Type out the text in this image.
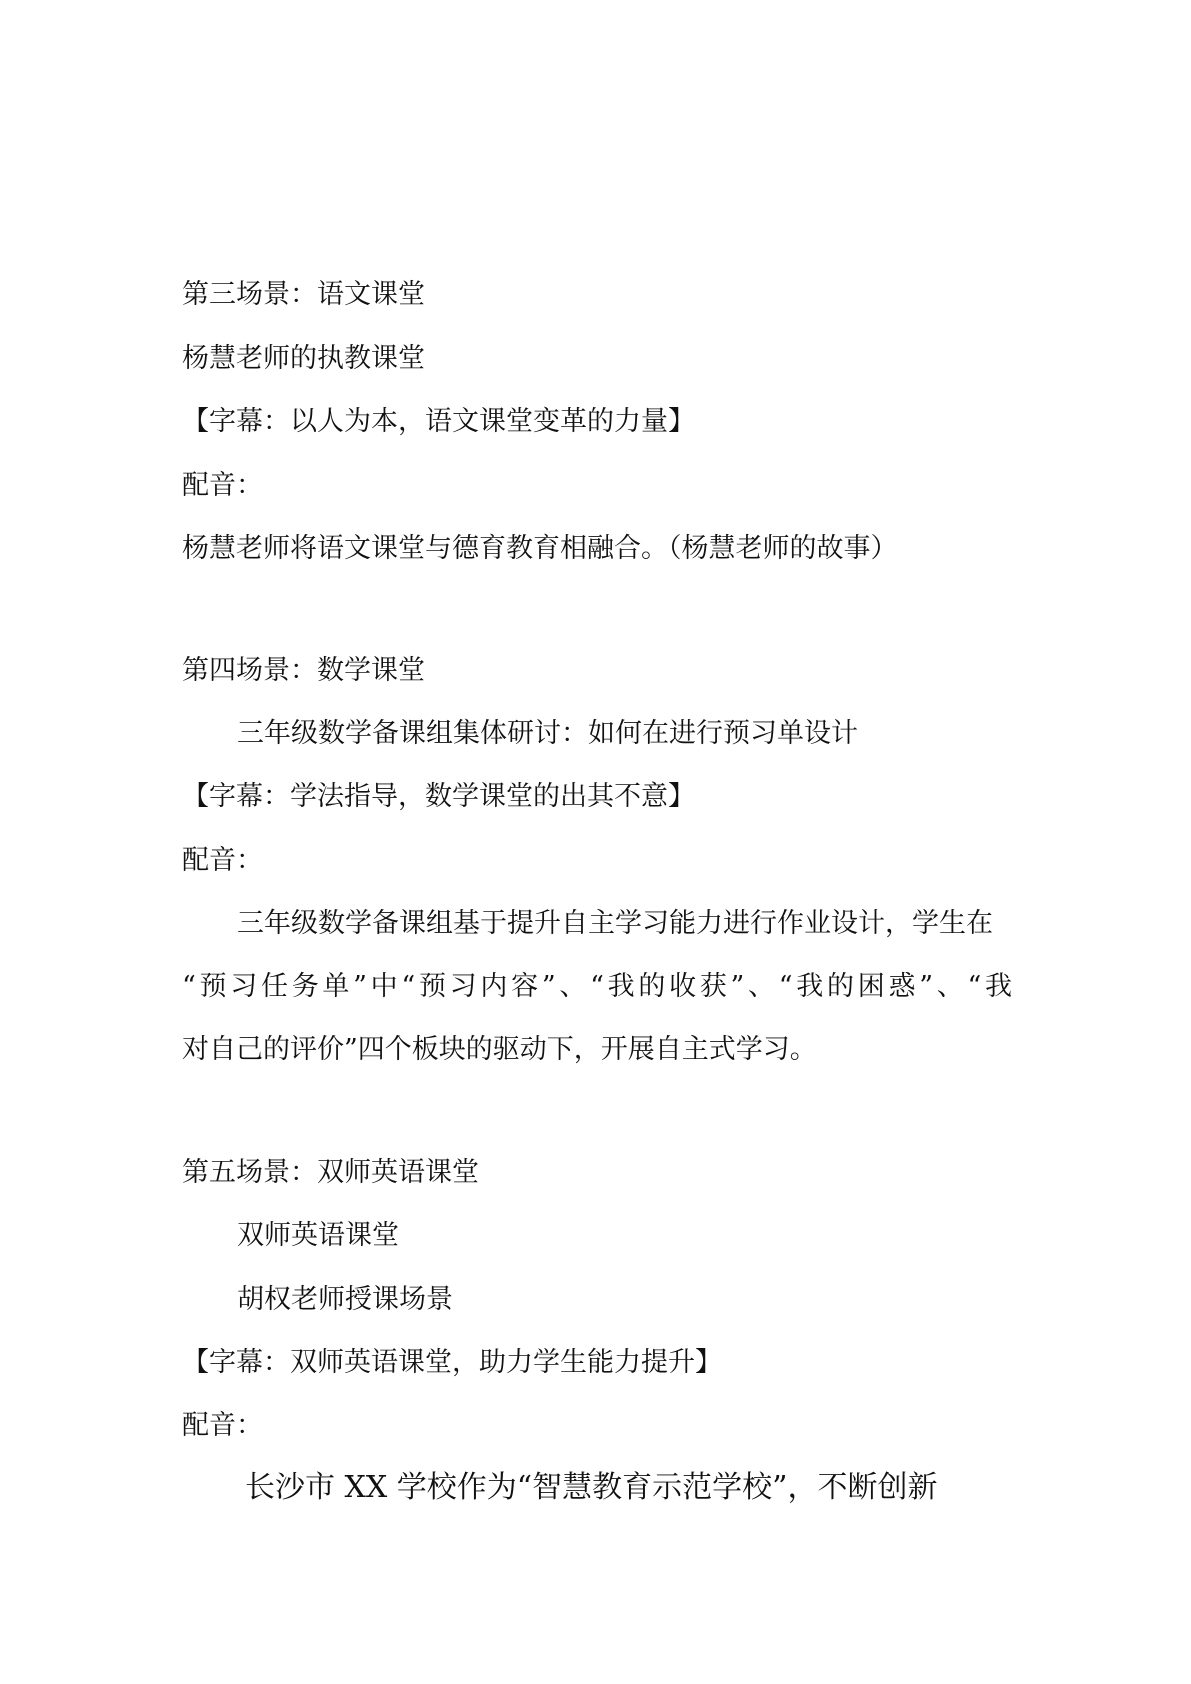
第三场景：语文课堂
杨慧老师的执教课堂
【字幕：以人为本，语文课堂变革的力量】
配音：
杨慧老师将语文课堂与德育教育相融合。（杨慧老师的故事）
第四场景：数学课堂
三年级数学备课组集体研讨：如何在进行预习单设计
【字幕：学法指导，数学课堂的出其不意】
配音：
三年级数学备课组基于提升自主学习能力进行作业设计，学生在
“预习任务单”中“预习内容”、“我的收获”、“我的困惑”、“我
对自己的评价”四个板块的驱动下，开展自主式学习。
第五场景：双师英语课堂
双师英语课堂
胡权老师授课场景
【字幕：双师英语课堂，助力学生能力提升】
配音：
长沙市 XX 学校作为“智慧教育示范学校”，不断创新
